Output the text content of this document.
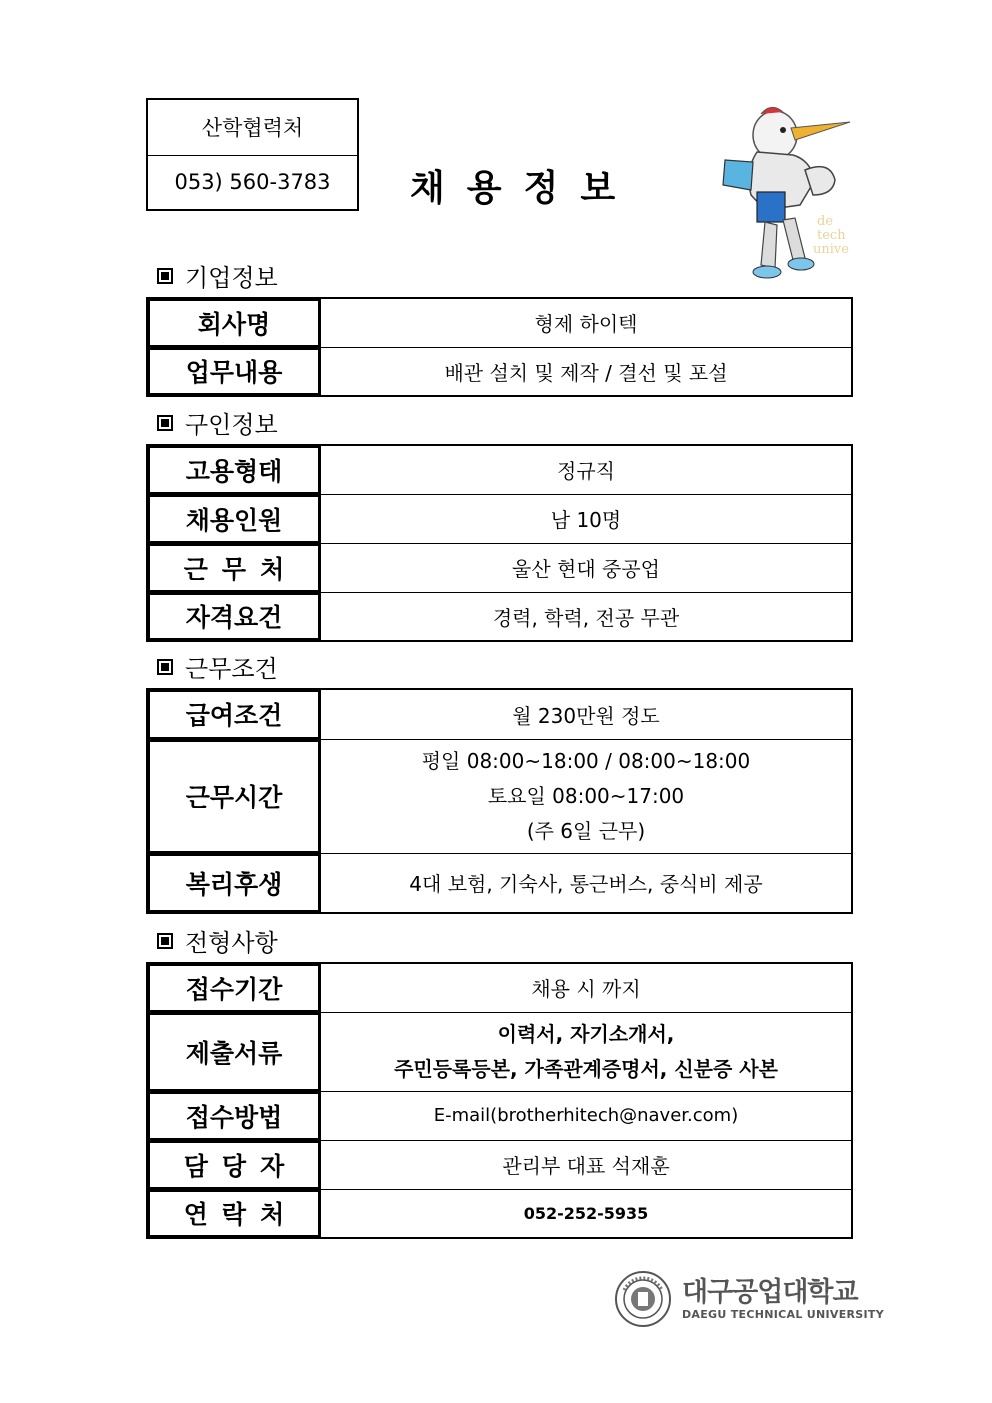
산학협력처
053) 560-3783	채용정보
de
tech
unive
기업정보
회사명	형제 하이텍
업무내용	배관 설치 및 제작 / 결선 및 포설
구인정보
고용형태	정규직
채용인원	남 10명
근무처	울산 현대 중공업
자격요건	경력, 학력, 전공 무관
근무조건
급여조건	월 230만원 정도
근무시간	평일 08:00~18:00 / 08:00~18:00
토요일 08:00~17:00
(주 6일 근무)

복리후생	4대 보험, 기숙사, 통근버스, 중식비 제공
전형사항
접수기간	채용 시 까지
제출서류	이력서, 자기소개서,
주민등록등본, 가족관계증명서, 신분증 사본

접수방법	E-mail(brotherhitech@naver.com)
담당자	관리부 대표 석재훈
연락처	052-252-5935
대구공업대학교
DAEGU TECHNICAL UNIVERSITY
